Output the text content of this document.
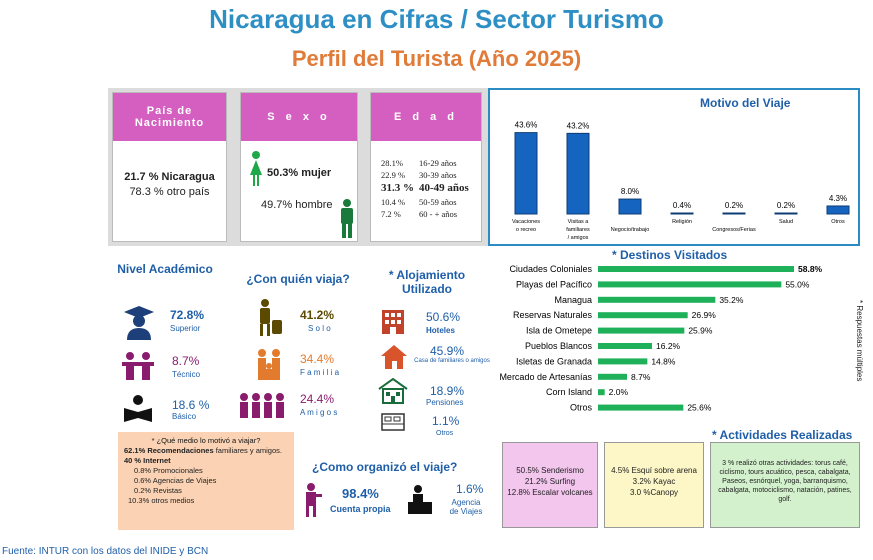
Nicaragua en Cifras / Sector Turismo
Perfil del Turista (Año 2025)
País de Nacimiento
21.7 % Nicaragua
78.3 % otro país
S e x o
50.3% mujer
49.7% hombre
E d a d
28.1%	16-29 años
22.9 %	30-39 años
31.3 % 40-49 años
10.4 %	50-59 años
7.2 %	60 - + años
Motivo del Viaje
43.6%
Vacaciones
o recreo
43.2%
Visitas a
familiares
/ amigos
8.0%
Negocio/trabajo
0.4%
Religión
0.2%
Congresos/Ferias
0.2%
Salud
4.3%
Otros
Nivel Académico
72.8%
Superior
8.7%
Técnico
18.6 %
Básico
¿Con quién viaja?
41.2%
S o l o
34.4%
F a m i l i a
24.4%
A m i g o s
* Alojamiento Utilizado
50.6%
Hoteles
45.9%
Casa de familiares o amigos
18.9%
Pensiones
1.1%
Otros
* Destinos Visitados
Ciudades Coloniales	58.8%
Playas del Pacífico	55.0%
Managua	35.2%
Reservas Naturales	26.9%
Isla de Ometepe	25.9%
Pueblos Blancos	16.2%
Isletas de Granada	14.8%
Mercado de Artesanías	8.7%
Corn Island 2.0%
Otros	25.6%
* Respuestas múltiples
* ¿Qué medio lo motivó a viajar?
62.1% Recomendaciones familiares y amigos.
40 % Internet
0.8% Promocionales
0.6% Agencias de Viajes
0.2% Revistas
10.3% otros medios
¿Como organizó el viaje?
98.4%
Cuenta propia
1.6%
Agencia de Viajes
* Actividades Realizadas
50.5% Senderismo
21.2% Surfing
12.8% Escalar volcanes
4.5% Esquí sobre arena
3.2% Kayac
3.0 %Canopy
3 % realizó otras actividades: torus café, ciclismo, tours acuático, pesca, cabalgata, Paseos, esnórquel, yoga, barranquismo, cabalgata, motociclismo, natación, patines, golf.
Fuente: INTUR con los datos del INIDE y BCN
